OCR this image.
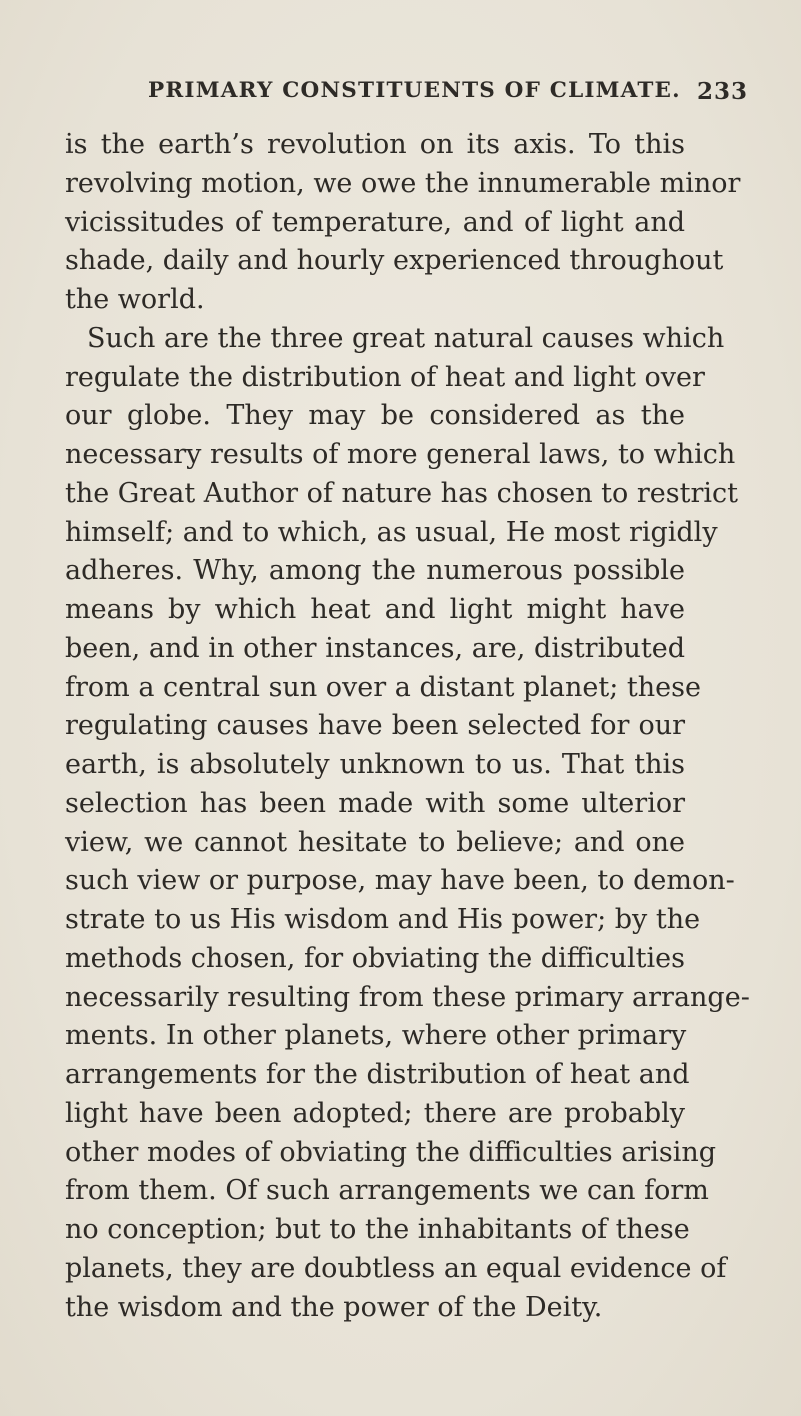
PRIMARY CONSTITUENTS OF CLIMATE. 233
is the earth’s revolution on its axis. To this
revolving motion, we owe the innumerable minor
vicissitudes of temperature, and of light and
shade, daily and hourly experienced throughout
the world.
Such are the three great natural causes which
regulate the distribution of heat and light over
our globe. They may be considered as the
necessary results of more general laws, to which
the Great Author of nature has chosen to restrict
himself; and to which, as usual, He most rigidly
adheres. Why, among the numerous possible
means by which heat and light might have
been, and in other instances, are, distributed
from a central sun over a distant planet; these
regulating causes have been selected for our
earth, is absolutely unknown to us. That this
selection has been made with some ulterior
view, we cannot hesitate to believe; and one
such view or purpose, may have been, to demon-
strate to us His wisdom and His power; by the
methods chosen, for obviating the difficulties
necessarily resulting from these primary arrange-
ments. In other planets, where other primary
arrangements for the distribution of heat and
light have been adopted; there are probably
other modes of obviating the difficulties arising
from them. Of such arrangements we can form
no conception; but to the inhabitants of these
planets, they are doubtless an equal evidence of
the wisdom and the power of the Deity.
